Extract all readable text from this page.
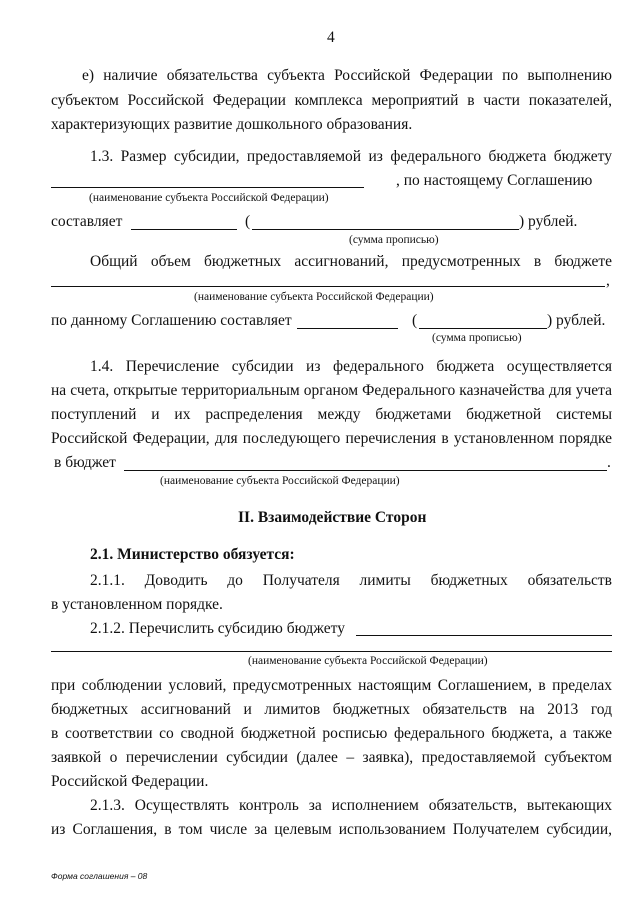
4
е) наличие обязательства субъекта Российской Федерации по выполнению
субъектом Российской Федерации комплекса мероприятий в части показателей,
характеризующих развитие дошкольного образования.
1.3. Размер субсидии, предоставляемой из федерального бюджета бюджету
, по настоящему Соглашению
(наименование субъекта Российской Федерации)
составляет	(	) рублей.
(сумма прописью)
Общий объем бюджетных ассигнований, предусмотренных в бюджете
,
(наименование субъекта Российской Федерации)
по данному Соглашению составляет	(	) рублей.
(сумма прописью)
1.4. Перечисление субсидии из федерального бюджета осуществляется
на счета, открытые территориальным органом Федерального казначейства для учета
поступлений и их распределения между бюджетами бюджетной системы
Российской Федерации, для последующего перечисления в установленном порядке
в бюджет	.
(наименование субъекта Российской Федерации)
II. Взаимодействие Сторон
2.1. Министерство обязуется:
2.1.1. Доводить до Получателя лимиты бюджетных обязательств
в установленном порядке.
2.1.2. Перечислить субсидию бюджету
(наименование субъекта Российской Федерации)
при соблюдении условий, предусмотренных настоящим Соглашением, в пределах
бюджетных ассигнований и лимитов бюджетных обязательств на 2013 год
в соответствии со сводной бюджетной росписью федерального бюджета, а также
заявкой о перечислении субсидии (далее – заявка), предоставляемой субъектом
Российской Федерации.
2.1.3. Осуществлять контроль за исполнением обязательств, вытекающих
из Соглашения, в том числе за целевым использованием Получателем субсидии,
Форма соглашения – 08
